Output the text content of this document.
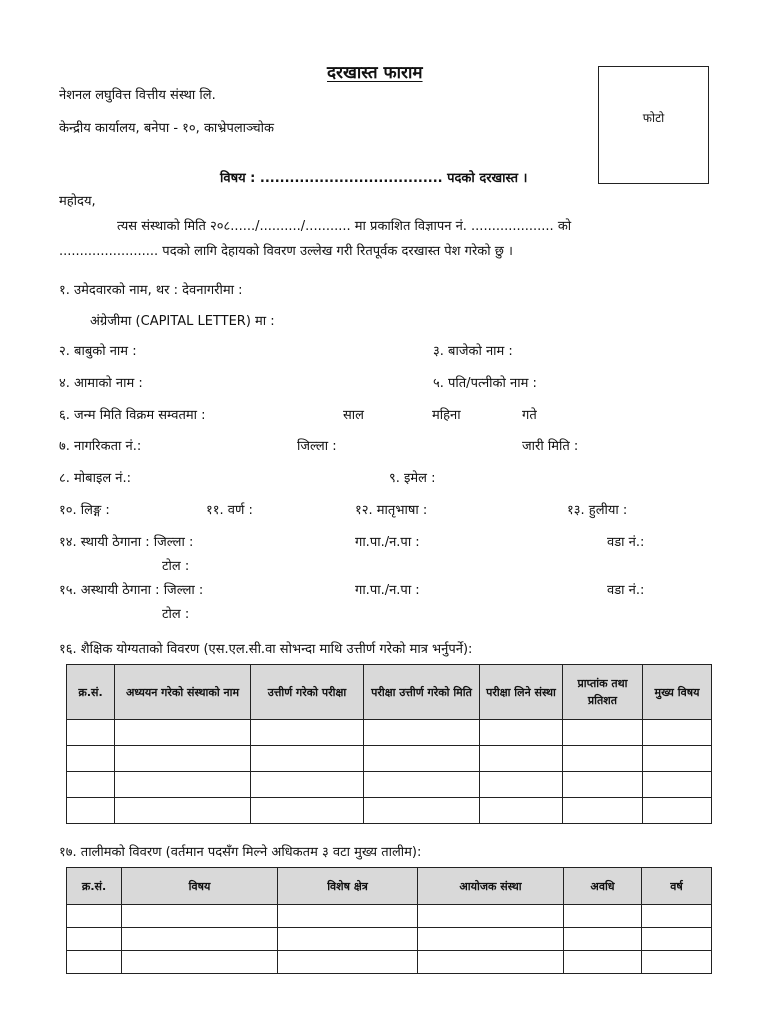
दरखास्त फाराम
नेशनल लघुवित्त वित्तीय संस्था लि.
केन्द्रीय कार्यालय, बनेपा - १०, काभ्रेपलाञ्चोक
फोटो
विषय : ..................................... पदको दरखास्त ।
महोदय,
त्यस संस्थाको मिति २०८....../........../........... मा प्रकाशित विज्ञापन नं. .................... को
........................ पदको लागि देहायको विवरण उल्लेख गरी रितपूर्वक दरखास्त पेश गरेको छु ।
१. उमेदवारको नाम, थर : देवनागरीमा :
अंग्रेजीमा (CAPITAL LETTER) मा :
२. बाबुको नाम :	३. बाजेको नाम :
४. आमाको नाम :	५. पति/पत्नीको नाम :
६. जन्म मिति विक्रम सम्वतमा :	साल	महिना	गते
७. नागरिकता नं.:	जिल्ला :	जारी मिति :
८. मोबाइल नं.:	९. इमेल :
१०. लिङ्ग :	११. वर्ण :	१२. मातृभाषा :	१३. हुलीया :
१४. स्थायी ठेगाना : जिल्ला :	गा.पा./न.पा :	वडा नं.:
टोल :
१५. अस्थायी ठेगाना : जिल्ला :	गा.पा./न.पा :	वडा नं.:
टोल :
१६. शैक्षिक योग्यताको विवरण (एस.एल.सी.वा सोभन्दा माथि उत्तीर्ण गरेको मात्र भर्नुपर्ने):
क्र.सं.	अध्ययन गरेको संस्थाको नाम	उत्तीर्ण गरेको परीक्षा	परीक्षा उत्तीर्ण गरेको मिति	परीक्षा लिने संस्था	प्राप्तांक तथा प्रतिशत	मुख्य विषय

१७. तालीमको विवरण (वर्तमान पदसँग मिल्ने अधिकतम ३ वटा मुख्य तालीम):
क्र.सं.	विषय	विशेष क्षेत्र	आयोजक संस्था	अवधि	वर्ष
